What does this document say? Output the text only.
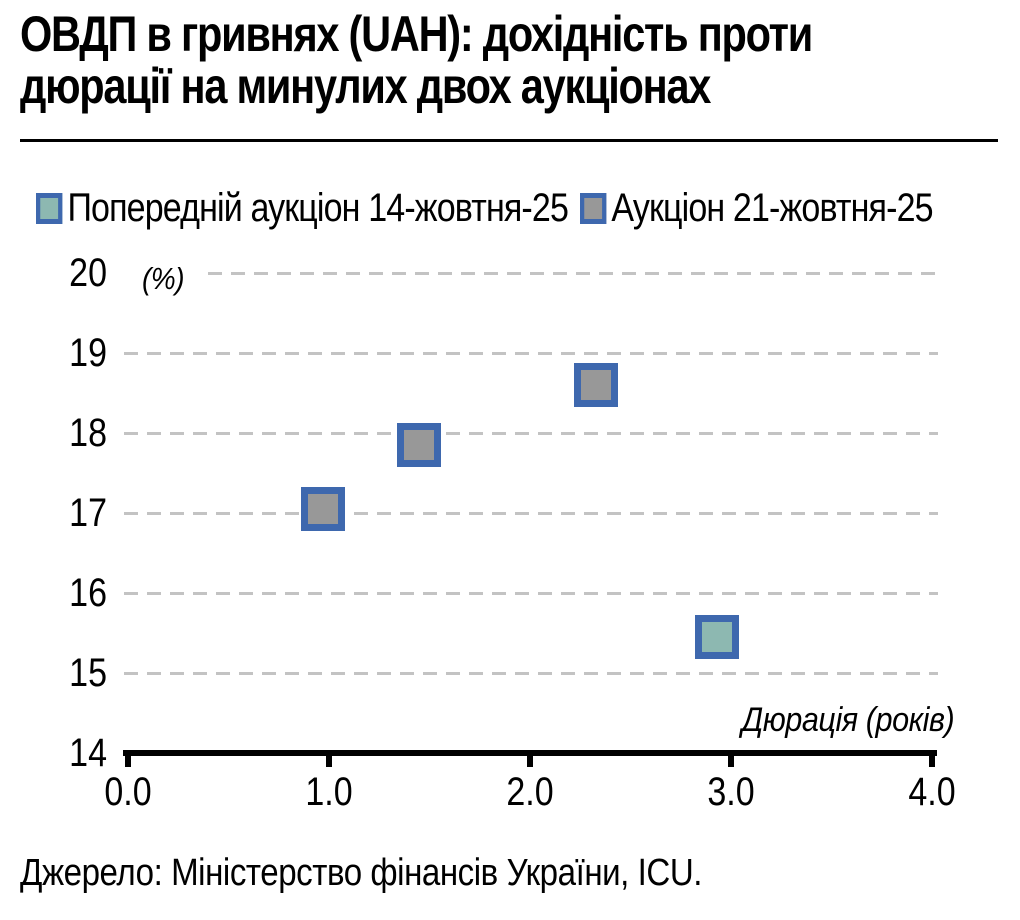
ОВДП в гривнях (UAH): дохідність проти
дюрації на минулих двох аукціонах
Попередній аукціон 14-жовтня-25 Аукціон 21-жовтня-25
(%)
Дюрація (років)
20
19
18
17
16
15
14
0.0	1.0	2.0	3.0	4.0
Джерело: Міністерство фінансів України, ICU.
